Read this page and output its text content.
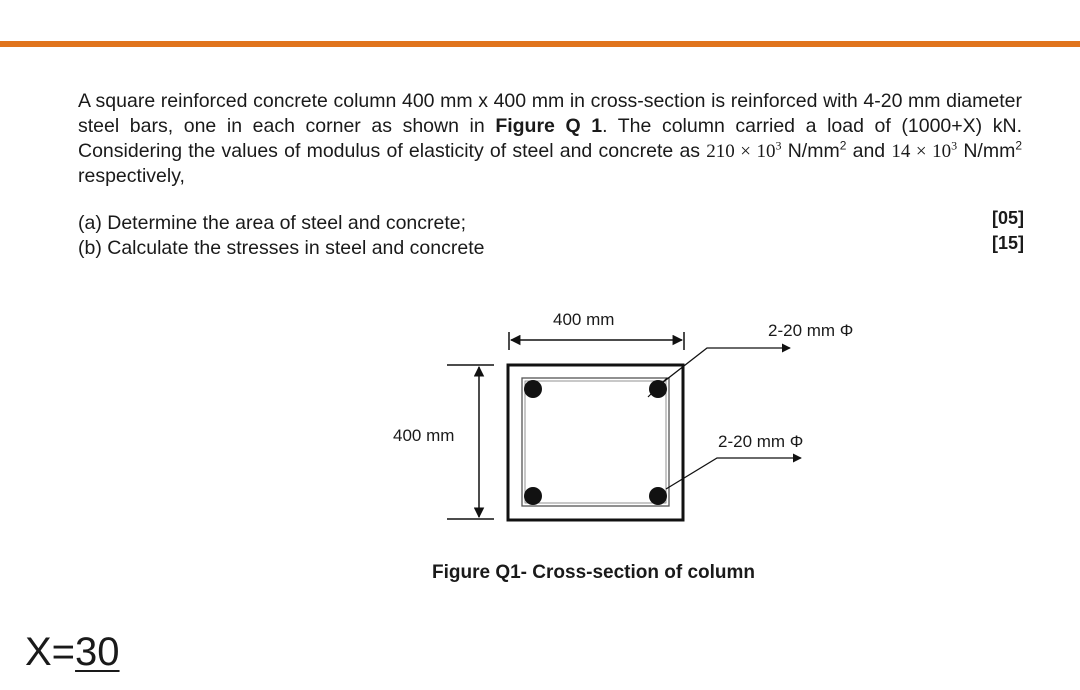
A square reinforced concrete column 400 mm x 400 mm in cross-section is reinforced with 4-20 mm diameter steel bars, one in each corner as shown in Figure Q 1. The column carried a load of (1000+X) kN. Considering the values of modulus of elasticity of steel and concrete as $210 \times 10^3$ $N/mm^2$ and $14 \times 10^3$ $N/mm^2$ respectively,
(a) Determine the area of steel and concrete;	[05]
(b) Calculate the stresses in steel and concrete	[15]
400 mm
400 mm
2-20 mm Φ
2-20 mm Φ
Figure Q1- Cross-section of column
X=30
